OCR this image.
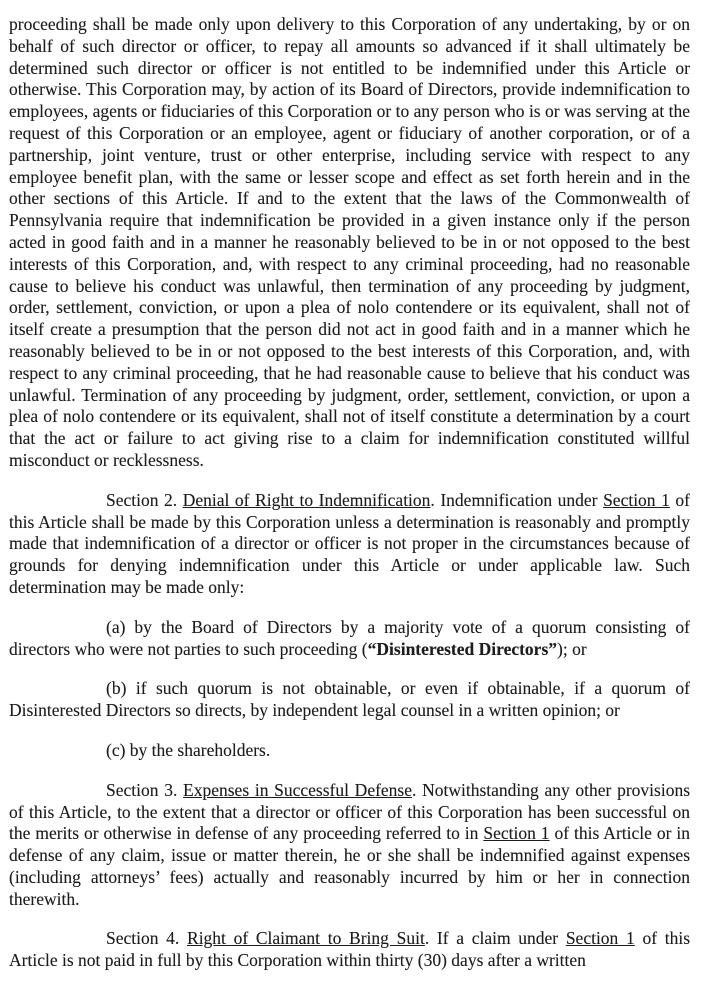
proceeding shall be made only upon delivery to this Corporation of any undertaking, by or on behalf of such director or officer, to repay all amounts so advanced if it shall ultimately be determined such director or officer is not entitled to be indemnified under this Article or otherwise. This Corporation may, by action of its Board of Directors, provide indemnification to employees, agents or fiduciaries of this Corporation or to any person who is or was serving at the request of this Corporation or an employee, agent or fiduciary of another corporation, or of a partnership, joint venture, trust or other enterprise, including service with respect to any employee benefit plan, with the same or lesser scope and effect as set forth herein and in the other sections of this Article. If and to the extent that the laws of the Commonwealth of Pennsylvania require that indemnification be provided in a given instance only if the person acted in good faith and in a manner he reasonably believed to be in or not opposed to the best interests of this Corporation, and, with respect to any criminal proceeding, had no reasonable cause to believe his conduct was unlawful, then termination of any proceeding by judgment, order, settlement, conviction, or upon a plea of nolo contendere or its equivalent, shall not of itself create a presumption that the person did not act in good faith and in a manner which he reasonably believed to be in or not opposed to the best interests of this Corporation, and, with respect to any criminal proceeding, that he had reasonable cause to believe that his conduct was unlawful. Termination of any proceeding by judgment, order, settlement, conviction, or upon a plea of nolo contendere or its equivalent, shall not of itself constitute a determination by a court that the act or failure to act giving rise to a claim for indemnification constituted willful misconduct or recklessness.

Section 2. Denial of Right to Indemnification. Indemnification under Section 1 of this Article shall be made by this Corporation unless a determination is reasonably and promptly made that indemnification of a director or officer is not proper in the circumstances because of grounds for denying indemnification under this Article or under applicable law. Such determination may be made only:

(a) by the Board of Directors by a majority vote of a quorum consisting of directors who were not parties to such proceeding (“Disinterested Directors”); or

(b) if such quorum is not obtainable, or even if obtainable, if a quorum of Disinterested Directors so directs, by independent legal counsel in a written opinion; or

(c) by the shareholders.

Section 3. Expenses in Successful Defense. Notwithstanding any other provisions of this Article, to the extent that a director or officer of this Corporation has been successful on the merits or otherwise in defense of any proceeding referred to in Section 1 of this Article or in defense of any claim, issue or matter therein, he or she shall be indemnified against expenses (including attorneys’ fees) actually and reasonably incurred by him or her in connection therewith.

Section 4. Right of Claimant to Bring Suit. If a claim under Section 1 of this Article is not paid in full by this Corporation within thirty (30) days after a written
